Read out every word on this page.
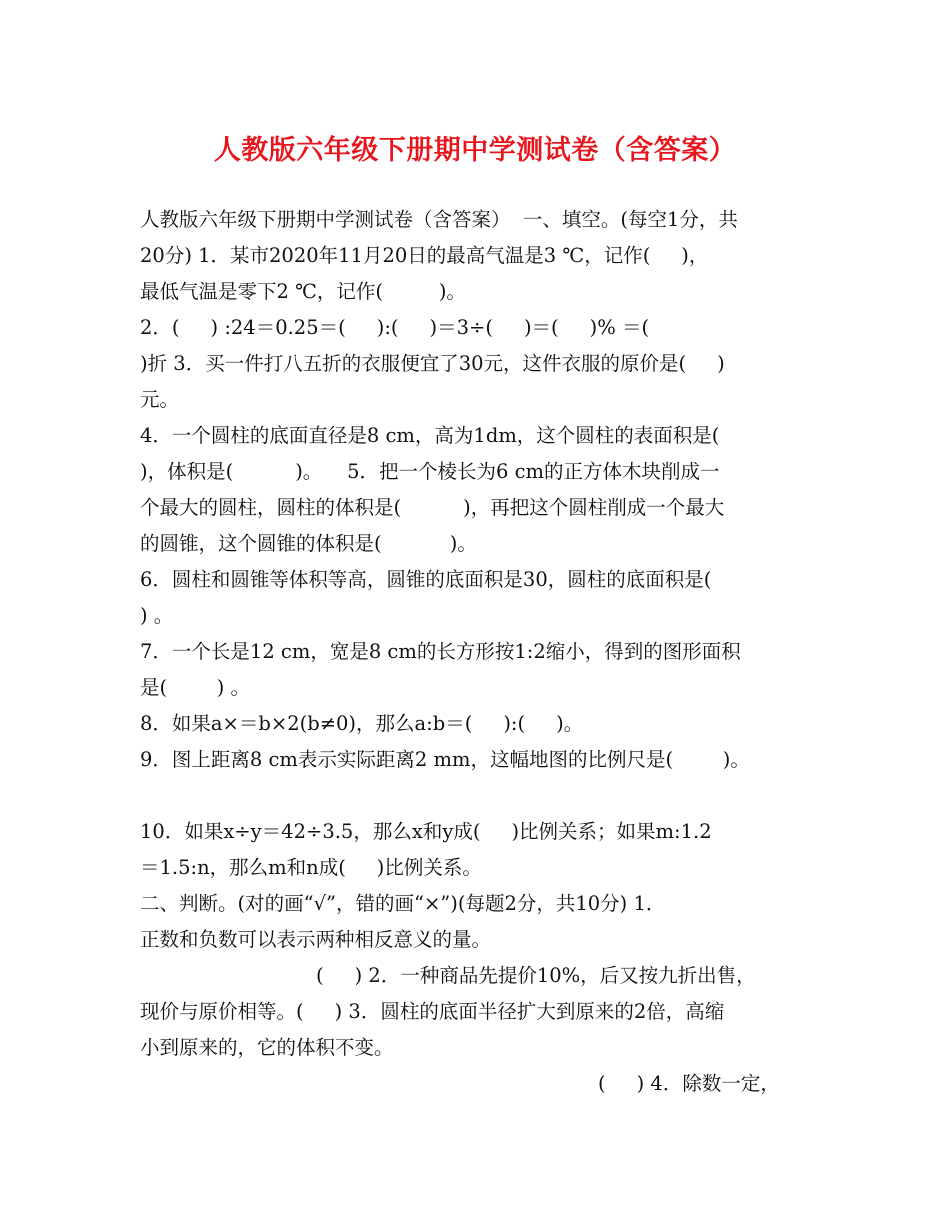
人教版六年级下册期中学测试卷（含答案）
人教版六年级下册期中学测试卷（含答案）  一、填空。(每空1分，共
20分) 1．某市2020年11月20日的最高气温是3 ℃，记作(     )，
最低气温是零下2 ℃，记作(         )。
2．(     ) :24＝0.25＝(     ):(     )＝3÷(     )＝(     )% ＝(
)折 3．买一件打八五折的衣服便宜了30元，这件衣服的原价是(     )
元。
4．一个圆柱的底面直径是8 cm，高为1dm，这个圆柱的表面积是(
)，体积是(          )。    5．把一个棱长为6 cm的正方体木块削成一
个最大的圆柱，圆柱的体积是(          )，再把这个圆柱削成一个最大
的圆锥，这个圆锥的体积是(           )。
6．圆柱和圆锥等体积等高，圆锥的底面积是30，圆柱的底面积是(
) 。
7．一个长是12 cm，宽是8 cm的长方形按1:2缩小，得到的图形面积
是(        ) 。
8．如果a×＝b×2(b≠0)，那么a:b＝(     ):(     )。
9．图上距离8 cm表示实际距离2 mm，这幅地图的比例尺是(        )。
10．如果x÷y＝42÷3.5，那么x和y成(     )比例关系；如果m:1.2
＝1.5:n，那么m和n成(     )比例关系。
二、判断。(对的画“√”，错的画“×”)(每题2分，共10分) 1．
正数和负数可以表示两种相反意义的量。
(     ) 2．一种商品先提价10%，后又按九折出售，
现价与原价相等。(     ) 3．圆柱的底面半径扩大到原来的2倍，高缩
小到原来的，它的体积不变。
(     ) 4．除数一定，
